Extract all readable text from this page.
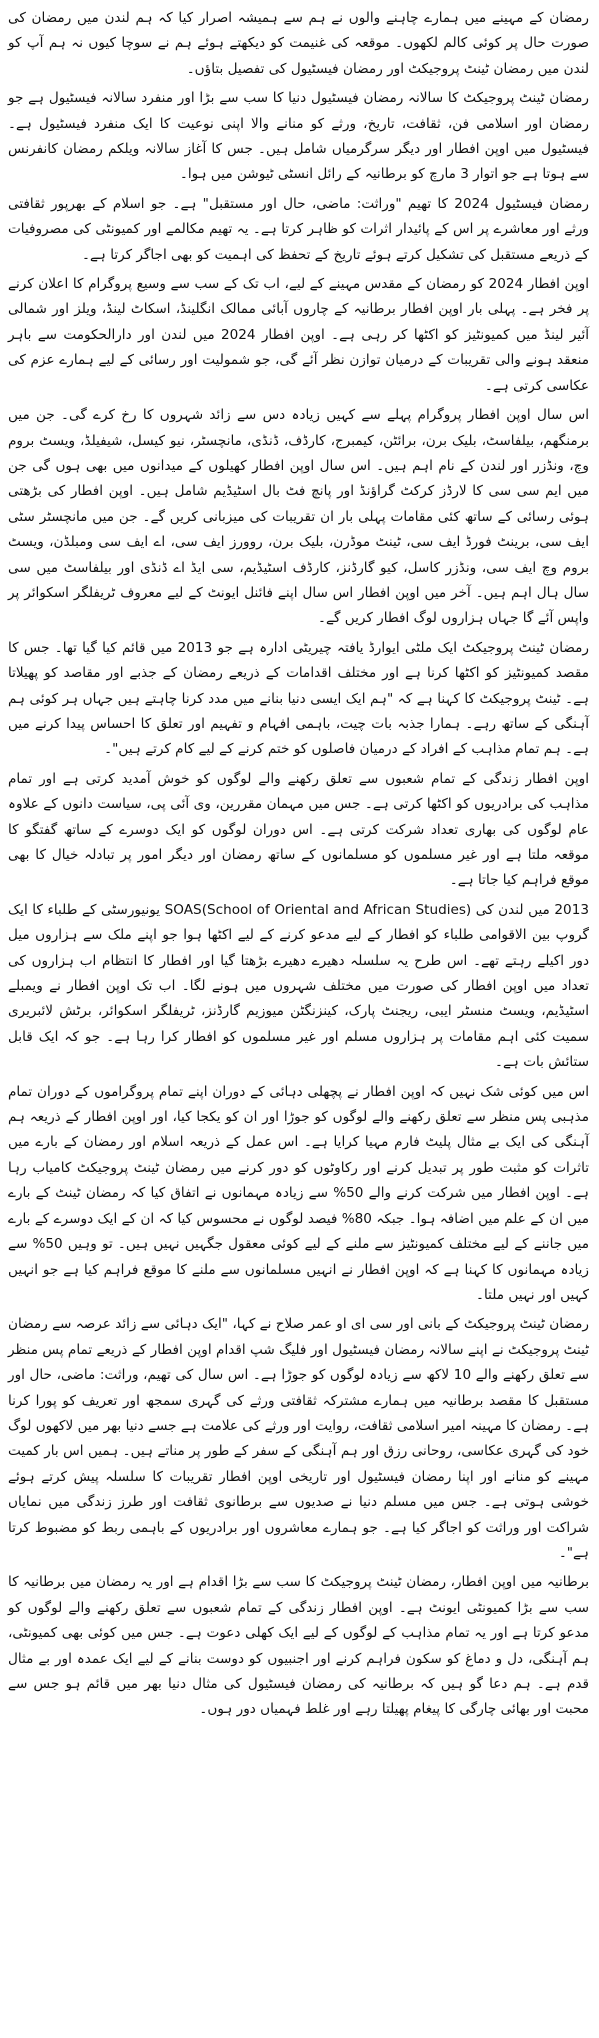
رمضان کے مہینے میں ہمارے چاہنے والوں نے ہم سے ہمیشہ اصرار کیا کہ ہم لندن میں رمضان کی صورت حال پر کوئی کالم لکھوں۔ موقعہ کی غنیمت کو دیکھتے ہوئے ہم نے سوچا کیوں نہ ہم آپ کو لندن میں رمضان ٹینٹ پروجیکٹ اور رمضان فیسٹیول کی تفصیل بتاؤں۔

رمضان ٹینٹ پروجیکٹ کا سالانہ رمضان فیسٹیول دنیا کا سب سے بڑا اور منفرد سالانہ فیسٹیول ہے جو رمضان اور اسلامی فن، ثقافت، تاریخ، ورثے کو منانے والا اپنی نوعیت کا ایک منفرد فیسٹیول ہے۔ فیسٹیول میں اوپن افطار اور دیگر سرگرمیاں شامل ہیں۔ جس کا آغاز سالانہ ویلکم رمضان کانفرنس سے ہوتا ہے جو اتوار 3 مارچ کو برطانیہ کے رائل انسٹی ٹیوشن میں ہوا۔

رمضان فیسٹیول 2024 کا تھیم "وراثت: ماضی، حال اور مستقبل" ہے۔ جو اسلام کے بھرپور ثقافتی ورثے اور معاشرے پر اس کے پائیدار اثرات کو ظاہر کرتا ہے۔ یہ تھیم مکالمے اور کمیونٹی کی مصروفیات کے ذریعے مستقبل کی تشکیل کرتے ہوئے تاریخ کے تحفظ کی اہمیت کو بھی اجاگر کرتا ہے۔

اوپن افطار 2024 کو رمضان کے مقدس مہینے کے لیے، اب تک کے سب سے وسیع پروگرام کا اعلان کرنے پر فخر ہے۔ پہلی بار اوپن افطار برطانیہ کے چاروں آبائی ممالک انگلینڈ، اسکاٹ لینڈ، ویلز اور شمالی آئیر لینڈ میں کمیونٹیز کو اکٹھا کر رہی ہے۔ اوپن افطار 2024 میں لندن اور دارالحکومت سے باہر منعقد ہونے والی تقریبات کے درمیان توازن نظر آئے گی، جو شمولیت اور رسائی کے لیے ہمارے عزم کی عکاسی کرتی ہے۔

اس سال اوپن افطار پروگرام پہلے سے کہیں زیادہ دس سے زائد شہروں کا رخ کرے گی۔ جن میں برمنگھم، بیلفاسٹ، بلیک برن، برائٹن، کیمبرج، کارڈف، ڈنڈی، مانچسٹر، نیو کیسل، شیفیلڈ، ویسٹ بروم وچ، ونڈزر اور لندن کے نام اہم ہیں۔ اس سال اوپن افطار کھیلوں کے میدانوں میں بھی ہوں گی جن میں ایم سی سی کا لارڈز کرکٹ گراؤنڈ اور پانچ فٹ بال اسٹیڈیم شامل ہیں۔ اوپن افطار کی بڑھتی ہوئی رسائی کے ساتھ کئی مقامات پہلی بار ان تقریبات کی میزبانی کریں گے۔ جن میں مانچسٹر سٹی ایف سی، برینٹ فورڈ ایف سی، ٹینٹ موڈرن، بلیک برن، روورز ایف سی، اے ایف سی ومبلڈن، ویسٹ بروم وچ ایف سی، ونڈزر کاسل، کیو گارڈنز، کارڈف اسٹیڈیم، سی ایڈ اے ڈنڈی اور بیلفاسٹ میں سی سال ہال اہم ہیں۔ آخر میں اوپن افطار اس سال اپنے فائنل ایونٹ کے لیے معروف ٹریفلگر اسکوائر پر واپس آئے گا جہاں ہزاروں لوگ افطار کریں گے۔

رمضان ٹینٹ پروجیکٹ ایک ملٹی ایوارڈ یافتہ چیریٹی ادارہ ہے جو 2013 میں قائم کیا گیا تھا۔ جس کا مقصد کمیونٹیز کو اکٹھا کرنا ہے اور مختلف اقدامات کے ذریعے رمضان کے جذبے اور مقاصد کو پھیلاتا ہے۔ ٹینٹ پروجیکٹ کا کہنا ہے کہ "ہم ایک ایسی دنیا بنانے میں مدد کرنا چاہتے ہیں جہاں ہر کوئی ہم آہنگی کے ساتھ رہے۔ ہمارا جذبہ بات چیت، باہمی افہام و تفہیم اور تعلق کا احساس پیدا کرنے میں ہے۔ ہم تمام مذاہب کے افراد کے درمیان فاصلوں کو ختم کرنے کے لیے کام کرتے ہیں"۔

اوپن افطار زندگی کے تمام شعبوں سے تعلق رکھنے والے لوگوں کو خوش آمدید کرتی ہے اور تمام مذاہب کی برادریوں کو اکٹھا کرتی ہے۔ جس میں مہمان مقررین، وی آئی پی، سیاست دانوں کے علاوہ عام لوگوں کی بھاری تعداد شرکت کرتی ہے۔ اس دوران لوگوں کو ایک دوسرے کے ساتھ گفتگو کا موقعہ ملتا ہے اور غیر مسلموں کو مسلمانوں کے ساتھ رمضان اور دیگر امور پر تبادلہ خیال کا بھی موقع فراہم کیا جاتا ہے۔

2013 میں لندن کی SOAS(School of Oriental and African Studies) یونیورسٹی کے طلباء کا ایک گروپ بین الاقوامی طلباء کو افطار کے لیے مدعو کرنے کے لیے اکٹھا ہوا جو اپنے ملک سے ہزاروں میل دور اکیلے رہتے تھے۔ اس طرح یہ سلسلہ دھیرے دھیرے بڑھتا گیا اور افطار کا انتظام اب ہزاروں کی تعداد میں اوپن افطار کی صورت میں مختلف شہروں میں ہونے لگا۔ اب تک اوپن افطار نے ویمبلے اسٹیڈیم، ویسٹ منسٹر ایبی، ریجنٹ پارک، کینزنگٹن میوزیم گارڈنز، ٹریفلگر اسکوائر، برٹش لائبریری سمیت کئی اہم مقامات پر ہزاروں مسلم اور غیر مسلموں کو افطار کرا رہا ہے۔ جو کہ ایک قابل ستائش بات ہے۔

اس میں کوئی شک نہیں کہ اوپن افطار نے پچھلی دہائی کے دوران اپنے تمام پروگراموں کے دوران تمام مذہبی پس منظر سے تعلق رکھنے والے لوگوں کو جوڑا اور ان کو یکجا کیا، اور اوپن افطار کے ذریعہ ہم آہنگی کی ایک بے مثال پلیٹ فارم مہیا کرایا ہے۔ اس عمل کے ذریعہ اسلام اور رمضان کے بارے میں تاثرات کو مثبت طور پر تبدیل کرنے اور رکاوٹوں کو دور کرنے میں رمضان ٹینٹ پروجیکٹ کامیاب رہا ہے۔ اوپن افطار میں شرکت کرنے والے 50% سے زیادہ مہمانوں نے اتفاق کیا کہ رمضان ٹینٹ کے بارے میں ان کے علم میں اضافہ ہوا۔ جبکہ 80% فیصد لوگوں نے محسوس کیا کہ ان کے ایک دوسرے کے بارے میں جاننے کے لیے مختلف کمیونٹیز سے ملنے کے لیے کوئی معقول جگہیں نہیں ہیں۔ تو وہیں 50% سے زیادہ مہمانوں کا کہنا ہے کہ اوپن افطار نے انہیں مسلمانوں سے ملنے کا موقع فراہم کیا ہے جو انہیں کہیں اور نہیں ملتا۔

رمضان ٹینٹ پروجیکٹ کے بانی اور سی ای او عمر صلاح نے کہا، "ایک دہائی سے زائد عرصہ سے رمضان ٹینٹ پروجیکٹ نے اپنے سالانہ رمضان فیسٹیول اور فلیگ شپ اقدام اوپن افطار کے ذریعے تمام پس منظر سے تعلق رکھنے والے 10 لاکھ سے زیادہ لوگوں کو جوڑا ہے۔ اس سال کی تھیم، وراثت: ماضی، حال اور مستقبل کا مقصد برطانیہ میں ہمارے مشترکہ ثقافتی ورثے کی گہری سمجھ اور تعریف کو پورا کرنا ہے۔ رمضان کا مہینہ امیر اسلامی ثقافت، روایت اور ورثے کی علامت ہے جسے دنیا بھر میں لاکھوں لوگ خود کی گہری عکاسی، روحانی رزق اور ہم آہنگی کے سفر کے طور پر مناتے ہیں۔ ہمیں اس بار کمیت مہینے کو منانے اور اپنا رمضان فیسٹیول اور تاریخی اوپن افطار تقریبات کا سلسلہ پیش کرتے ہوئے خوشی ہوتی ہے۔ جس میں مسلم دنیا نے صدیوں سے برطانوی ثقافت اور طرز زندگی میں نمایاں شراکت اور وراثت کو اجاگر کیا ہے۔ جو ہمارے معاشروں اور برادریوں کے باہمی ربط کو مضبوط کرتا ہے"۔

برطانیہ میں اوپن افطار، رمضان ٹینٹ پروجیکٹ کا سب سے بڑا اقدام ہے اور یہ رمضان میں برطانیہ کا سب سے بڑا کمیونٹی ایونٹ ہے۔ اوپن افطار زندگی کے تمام شعبوں سے تعلق رکھنے والے لوگوں کو مدعو کرتا ہے اور یہ تمام مذاہب کے لوگوں کے لیے ایک کھلی دعوت ہے۔ جس میں کوئی بھی کمیونٹی، ہم آہنگی، دل و دماغ کو سکون فراہم کرنے اور اجنبیوں کو دوست بنانے کے لیے ایک عمدہ اور بے مثال قدم ہے۔ ہم دعا گو ہیں کہ برطانیہ کی رمضان فیسٹیول کی مثال دنیا بھر میں قائم ہو جس سے محبت اور بھائی چارگی کا پیغام پھیلتا رہے اور غلط فہمیاں دور ہوں۔
